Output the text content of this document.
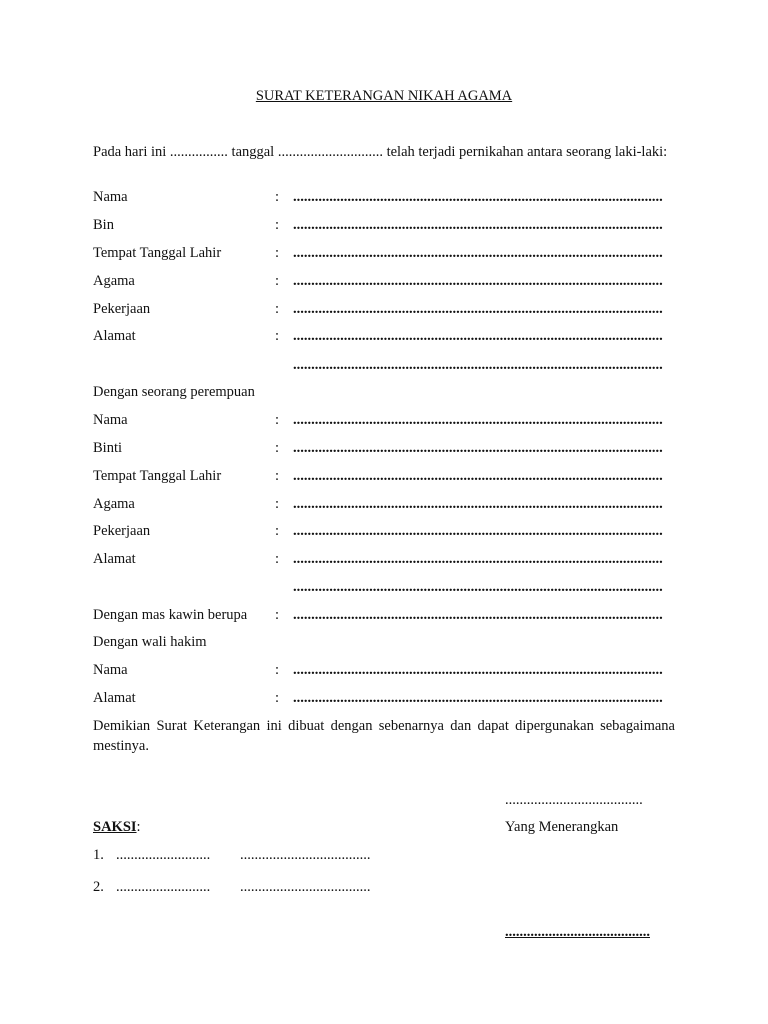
SURAT KETERANGAN NIKAH AGAMA
Pada hari ini ................ tanggal ............................. telah terjadi pernikahan antara seorang laki-laki:
Nama	: ......................................................................................................
Bin	: ......................................................................................................
Tempat Tanggal Lahir	: ......................................................................................................
Agama	: ......................................................................................................
Pekerjaan	: ......................................................................................................
Alamat	: ......................................................................................................
......................................................................................................
Dengan seorang perempuan
Nama	: ......................................................................................................
Binti	: ......................................................................................................
Tempat Tanggal Lahir	: ......................................................................................................
Agama	: ......................................................................................................
Pekerjaan	: ......................................................................................................
Alamat	: ......................................................................................................
......................................................................................................
Dengan mas kawin berupa : ......................................................................................................
Dengan wali hakim
Nama	: ......................................................................................................
Alamat	: ......................................................................................................
Demikian Surat Keterangan ini dibuat dengan sebenarnya dan dapat dipergunakan sebagaimana mestinya.
......................................
Yang Menerangkan
........................................
SAKSI:
1. .......................... ....................................
2. .......................... ....................................
